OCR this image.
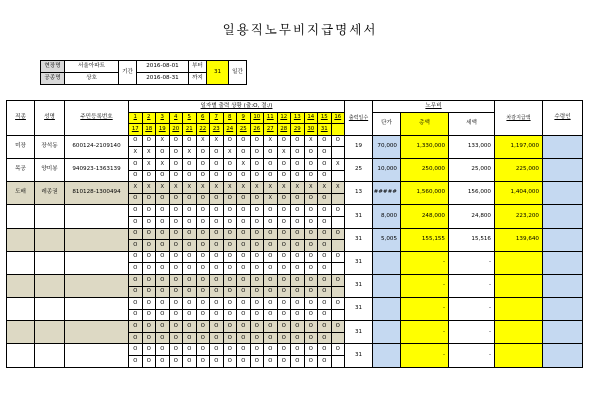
일용직노무비지급명세서
현장명	서울아파트	기간	2016-08-01	부터	31	일간
공종명	상호		2016-08-31	까지		
직종	성명	주민등록번호	일자별 출력 상황 (출:O, 결:/)																출력일수	노무비			차감지급액	수령인
			1	2	3	4	5	6	7	8	9	10	11	12	13	14	15	16		단가	총액	세액		
			17	18	19	20	21	22	23	24	25	26	27	28	29	30	31							
미장	장석동	600124-2109140	O	O	X	O	O	X	X	O	O	O	X	O	O	X	O	O	19	70,000	1,330,000	133,000	1,197,000	
			X	X	O	O	X	O	O	X	O	O	O	X	O	O	O							
목공	양미봉	940923-1363139	O	X	X	O	O	O	O	O	X	O	O	O	O	O	O	X	25	10,000	250,000	25,000	225,000	
			O	O	O	O	O	O	O	O	O	O	O	O	O	O	O							
도배	레종권	810128-1300494	X	X	X	X	X	X	X	X	X	X	X	X	X	X	X	X	13	#####	1,560,000	156,000	1,404,000	
			O	O	O	O	O	O	O	O	O	O	X	O	O	O	O							
			O	O	O	O	O	O	O	O	O	O	O	O	O	O	O	O	31	8,000	248,000	24,800	223,200	
			O	O	O	O	O	O	O	O	O	O	O	O	O	O	O							
			O	O	O	O	O	O	O	O	O	O	O	O	O	O	O	O	31	5,005	155,155	15,516	139,640	
			O	O	O	O	O	O	O	O	O	O	O	O	O	O	O							
			O	O	O	O	O	O	O	O	O	O	O	O	O	O	O	O	31		-	-		
			O	O	O	O	O	O	O	O	O	O	O	O	O	O	O							
			O	O	O	O	O	O	O	O	O	O	O	O	O	O	O	O	31		-	-		
			O	O	O	O	O	O	O	O	O	O	O	O	O	O	O							
			O	O	O	O	O	O	O	O	O	O	O	O	O	O	O	O	31		-	-		
			O	O	O	O	O	O	O	O	O	O	O	O	O	O	O							
			O	O	O	O	O	O	O	O	O	O	O	O	O	O	O	O	31		-	-		
			O	O	O	O	O	O	O	O	O	O	O	O	O	O	O							
			O	O	O	O	O	O	O	O	O	O	O	O	O	O	O	O	31		-	-		
			O	O	O	O	O	O	O	O	O	O	O	O	O	O	O							
